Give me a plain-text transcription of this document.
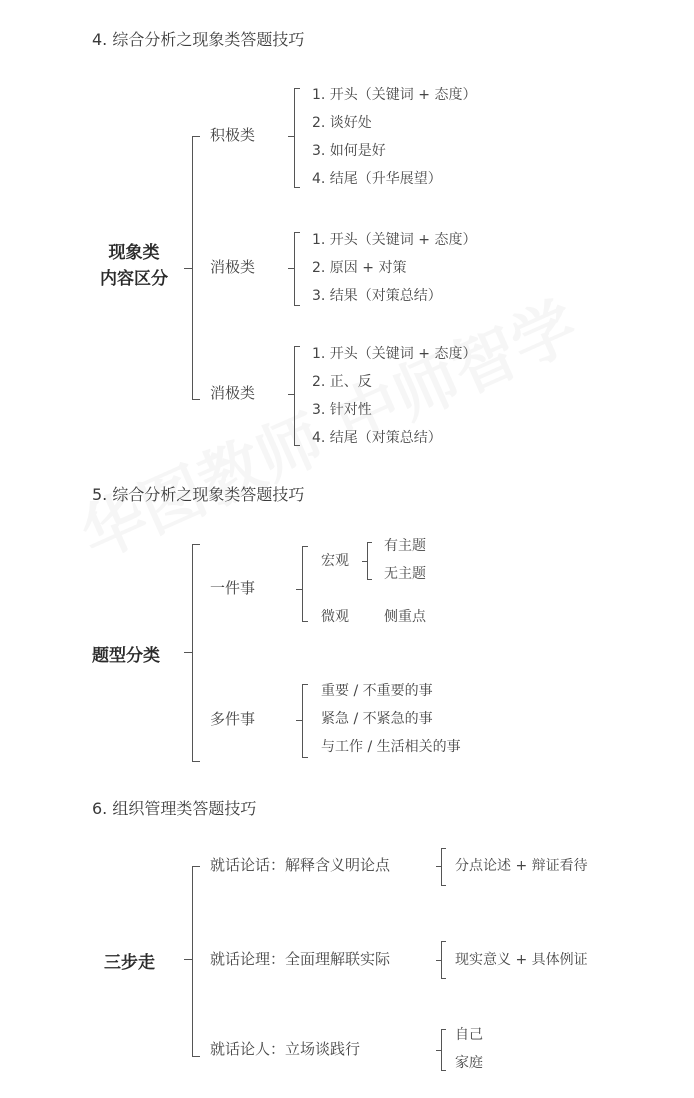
4. 综合分析之现象类答题技巧
现象类
内容区分
积极类
1. 开头（关键词 + 态度）
2. 谈好处
3. 如何是好
4. 结尾（升华展望）
消极类
1. 开头（关键词 + 态度）
2. 原因 + 对策
3. 结果（对策总结）
消极类
1. 开头（关键词 + 态度）
2. 正、反
3. 针对性
4. 结尾（对策总结）
5. 综合分析之现象类答题技巧
题型分类
一件事
宏观
有主题
无主题
微观	侧重点
多件事
重要 / 不重要的事
紧急 / 不紧急的事
与工作 / 生活相关的事
6. 组织管理类答题技巧
三步走
就话论话：解释含义明论点	分点论述 + 辩证看待
就话论理：全面理解联实际	现实意义 + 具体例证
就话论人：立场谈践行
自己
家庭
